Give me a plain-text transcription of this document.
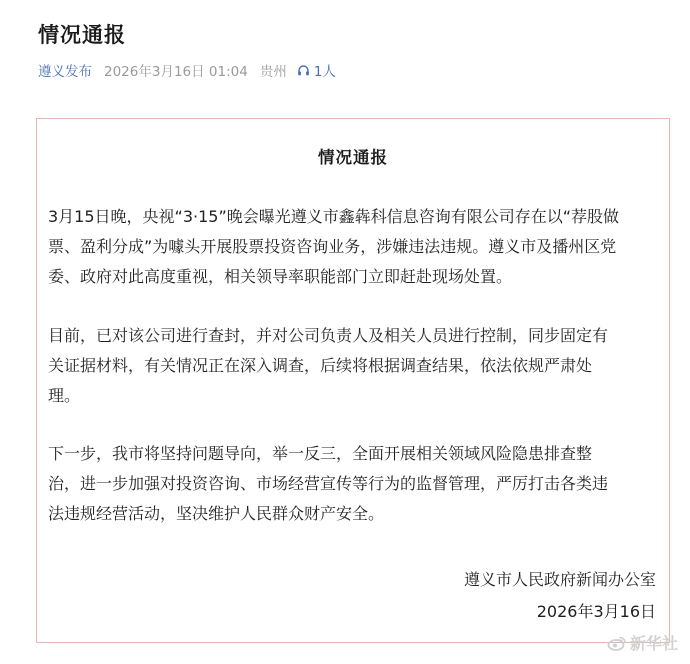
情况通报
遵义发布 2026年3月16日 01:04 贵州 1人
情况通报

3月15日晚，央视“3·15”晚会曝光遵义市鑫犇科信息咨询有限公司存在以“荐股做
票、盈利分成”为噱头开展股票投资咨询业务，涉嫌违法违规。遵义市及播州区党
委、政府对此高度重视，相关领导率职能部门立即赶赴现场处置。

目前，已对该公司进行查封，并对公司负责人及相关人员进行控制，同步固定有
关证据材料，有关情况正在深入调查，后续将根据调查结果，依法依规严肃处
理。

下一步，我市将坚持问题导向，举一反三，全面开展相关领域风险隐患排查整
治，进一步加强对投资咨询、市场经营宣传等行为的监督管理，严厉打击各类违
法违规经营活动，坚决维护人民群众财产安全。

遵义市人民政府新闻办公室
2026年3月16日
新华社
